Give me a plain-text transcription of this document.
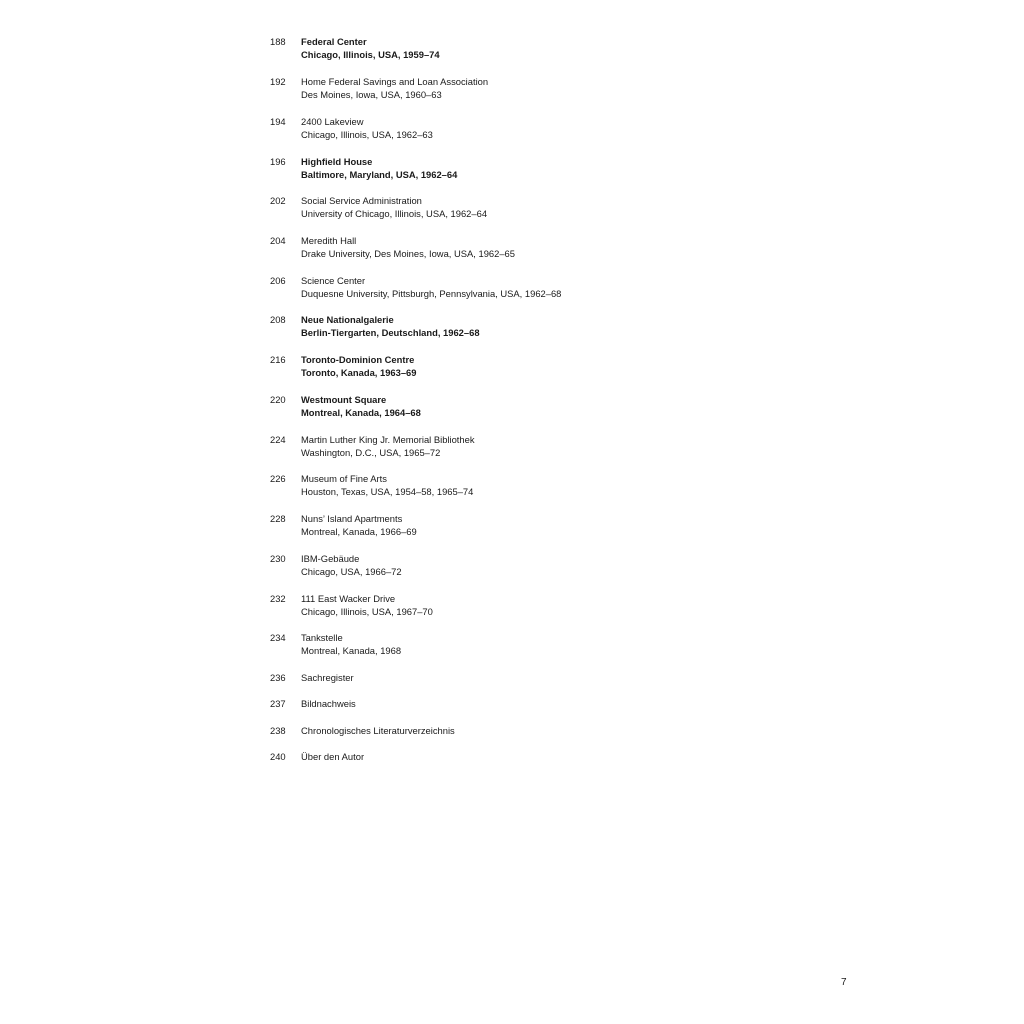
188	Federal Center
Chicago, Illinois, USA, 1959–74
192	Home Federal Savings and Loan Association
Des Moines, Iowa, USA, 1960–63
194	2400 Lakeview
Chicago, Illinois, USA, 1962–63
196	Highfield House
Baltimore, Maryland, USA, 1962–64
202	Social Service Administration
University of Chicago, Illinois, USA, 1962–64
204	Meredith Hall
Drake University, Des Moines, Iowa, USA, 1962–65
206	Science Center
Duquesne University, Pittsburgh, Pennsylvania, USA, 1962–68
208	Neue Nationalgalerie
Berlin-Tiergarten, Deutschland, 1962–68
216	Toronto-Dominion Centre
Toronto, Kanada, 1963–69
220	Westmount Square
Montreal, Kanada, 1964–68
224	Martin Luther King Jr. Memorial Bibliothek
Washington, D.C., USA, 1965–72
226	Museum of Fine Arts
Houston, Texas, USA, 1954–58, 1965–74
228	Nuns’ Island Apartments
Montreal, Kanada, 1966–69
230	IBM-Gebäude
Chicago, USA, 1966–72
232	111 East Wacker Drive
Chicago, Illinois, USA, 1967–70
234	Tankstelle
Montreal, Kanada, 1968
236	Sachregister
237	Bildnachweis
238	Chronologisches Literaturverzeichnis
240	Über den Autor
7
